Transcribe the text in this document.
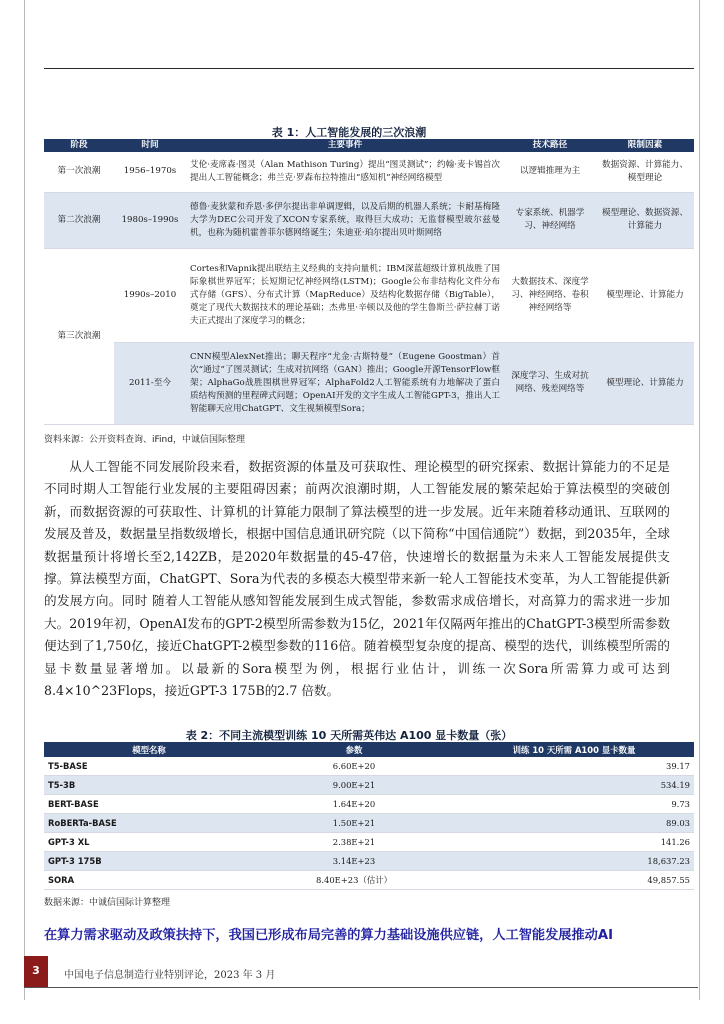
表 1：人工智能发展的三次浪潮
阶段	时间	主要事件	技术路径	限制因素
第一次浪潮	1956–1970s	艾伦·麦席森·图灵（Alan Mathison Turing）提出“图灵测试”；约翰·麦卡锡首次提出人工智能概念；弗兰克·罗森布拉特推出“感知机”神经网络模型	以逻辑推理为主	数据资源、计算能力、模型理论
第二次浪潮	1980s–1990s	德鲁·麦狄蒙和乔恩·多伊尔提出非单调逻辑，以及后期的机器人系统；卡耐基梅隆大学为DEC公司开发了XCON专家系统，取得巨大成功；无监督模型玻尔兹曼机，也称为随机霍普菲尔德网络诞生；朱迪亚·珀尔提出贝叶斯网络	专家系统、机器学习、神经网络	模型理论、数据资源、计算能力
第三次浪潮	1990s–2010	Cortes和Vapnik提出联结主义经典的支持向量机；IBM深蓝超级计算机战胜了国际象棋世界冠军；长短期记忆神经网络(LSTM)；Google公布非结构化文件分布式存储（GFS）、分布式计算（MapReduce）及结构化数据存储（BigTable），奠定了现代大数据技术的理论基础；杰弗里·辛顿以及他的学生鲁斯兰·萨拉赫丁诺夫正式提出了深度学习的概念；	大数据技术、深度学习、神经网络、卷积神经网络等	模型理论、计算能力
	2011-至今	CNN模型AlexNet推出；聊天程序“尤金·古斯特曼”（Eugene Goostman）首次“通过”了图灵测试；生成对抗网络（GAN）推出；Google开源TensorFlow框架；AlphaGo战胜围棋世界冠军；AlphaFold2人工智能系统有力地解决了蛋白质结构预测的里程碑式问题；OpenAI开发的文字生成人工智能GPT-3，推出人工智能聊天应用ChatGPT、文生视频模型Sora；	深度学习、生成对抗网络、残差网络等	模型理论、计算能力
资料来源：公开资料查询、iFind，中诚信国际整理

从人工智能不同发展阶段来看，数据资源的体量及可获取性、理论模型的研究探索、数据计算能力的不足是不同时期人工智能行业发展的主要阻碍因素；前两次浪潮时期，人工智能发展的繁荣起始于算法模型的突破创新，而数据资源的可获取性、计算机的计算能力限制了算法模型的进一步发展。近年来随着移动通讯、互联网的发展及普及，数据量呈指数级增长，根据中国信息通讯研究院（以下简称“中国信通院”）数据，到2035年，全球数据量预计将增长至2,142ZB，是2020年数据量的45-47倍，快速增长的数据量为未来人工智能发展提供支撑。算法模型方面，ChatGPT、Sora为代表的多模态大模型带来新一轮人工智能技术变革，为人工智能提供新的发展方向。同时 随着人工智能从感知智能发展到生成式智能，参数需求成倍增长，对高算力的需求进一步加大。2019年初，OpenAI发布的GPT-2模型所需参数为15亿，2021年仅隔两年推出的ChatGPT-3模型所需参数便达到了1,750亿，接近ChatGPT-2模型参数的116倍。随着模型复杂度的提高、模型的迭代，训练模型所需的显卡数量显著增加。以最新的Sora模型为例，根据行业估计，训练一次Sora所需算力或可达到 8.4×10^23Flops，接近GPT-3 175B的2.7 倍数。

表 2：不同主流模型训练 10 天所需英伟达 A100 显卡数量（张）
模型名称	参数	训练 10 天所需 A100 显卡数量
T5-BASE	6.60E+20	39.17
T5-3B	9.00E+21	534.19
BERT-BASE	1.64E+20	9.73
RoBERTa-BASE	1.50E+21	89.03
GPT-3 XL	2.38E+21	141.26
GPT-3 175B	3.14E+23	18,637.23
SORA	8.40E+23（估计）	49,857.55
数据来源：中诚信国际计算整理
在算力需求驱动及政策扶持下，我国已形成布局完善的算力基础设施供应链，人工智能发展推动AI
3	中国电子信息制造行业特别评论，2023 年 3 月
